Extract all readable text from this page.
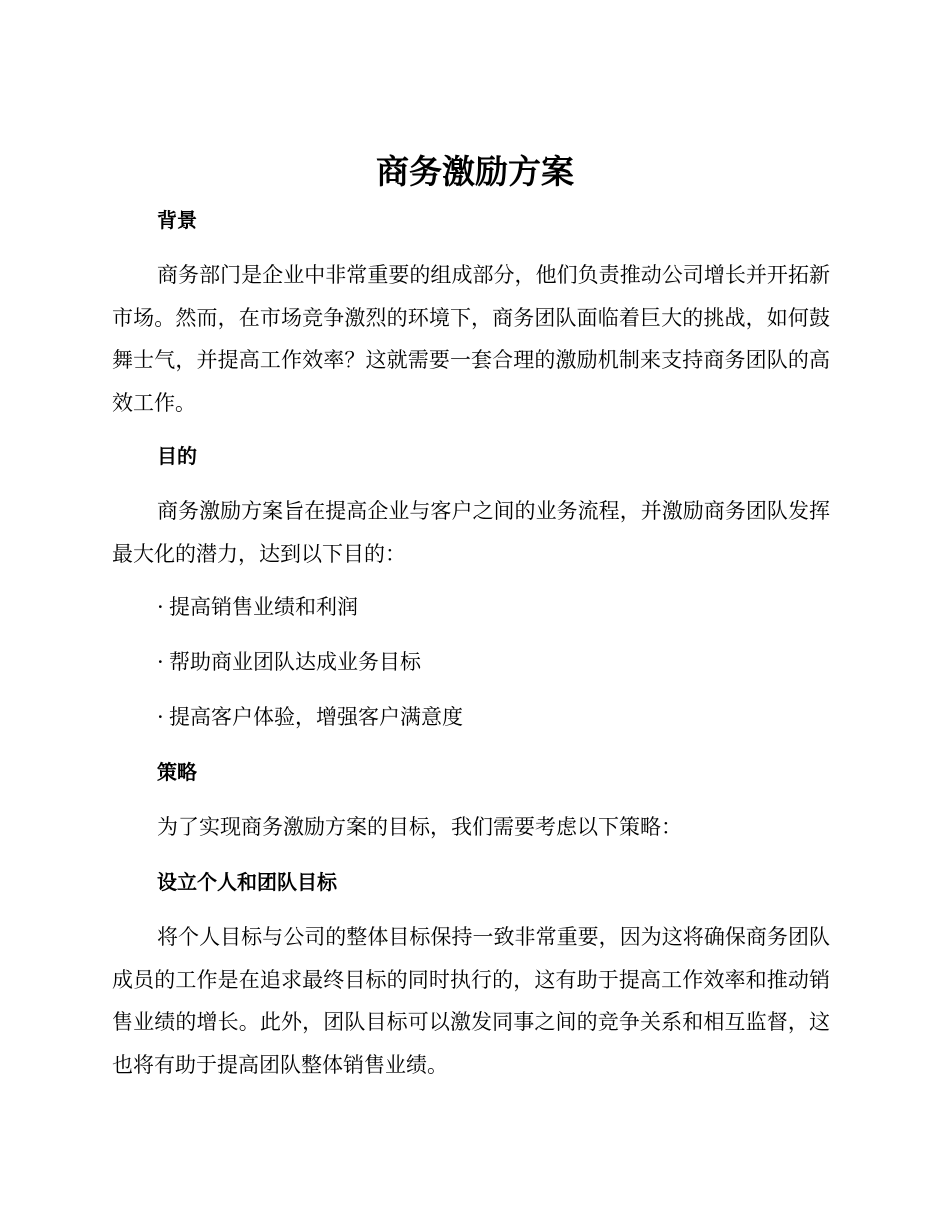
商务激励方案
背景

商务部门是企业中非常重要的组成部分，他们负责推动公司增长并开拓新市场。然而，在市场竞争激烈的环境下，商务团队面临着巨大的挑战，如何鼓舞士气，并提高工作效率？这就需要一套合理的激励机制来支持商务团队的高效工作。

目的

商务激励方案旨在提高企业与客户之间的业务流程，并激励商务团队发挥最大化的潜力，达到以下目的：

· 提高销售业绩和利润

· 帮助商业团队达成业务目标

· 提高客户体验，增强客户满意度

策略

为了实现商务激励方案的目标，我们需要考虑以下策略：

设立个人和团队目标

将个人目标与公司的整体目标保持一致非常重要，因为这将确保商务团队成员的工作是在追求最终目标的同时执行的，这有助于提高工作效率和推动销售业绩的增长。此外，团队目标可以激发同事之间的竞争关系和相互监督，这也将有助于提高团队整体销售业绩。
